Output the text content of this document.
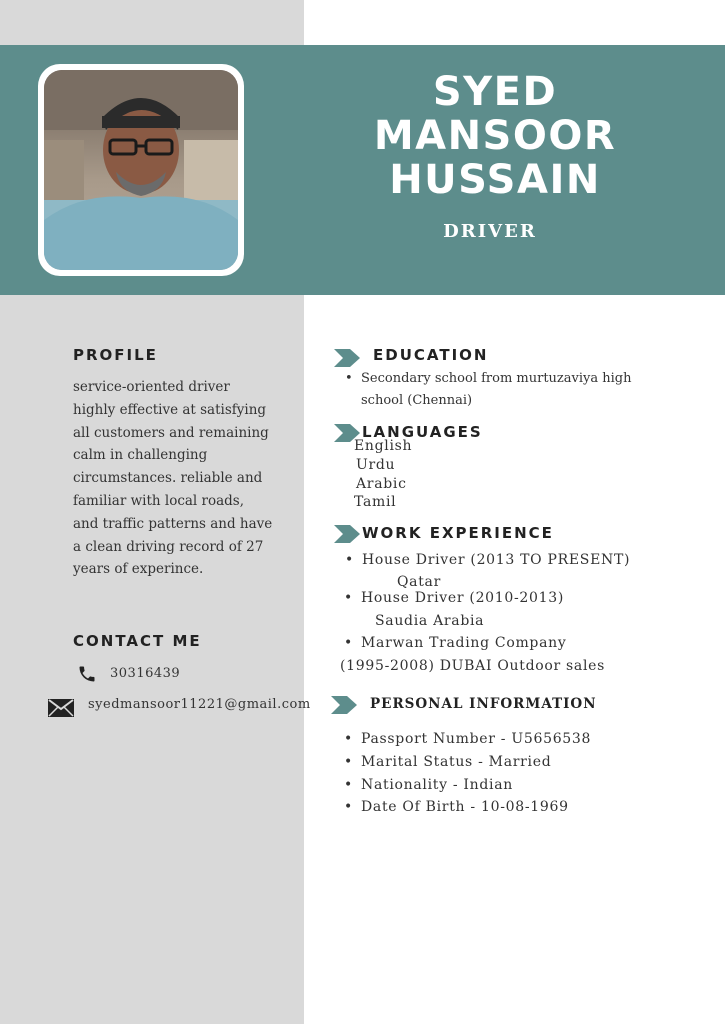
SYED
MANSOOR
HUSSAIN
DRIVER
PROFILE
service-oriented driver highly effective at satisfying all customers and remaining calm in challenging circumstances. reliable and familiar with local roads, and traffic patterns and have a clean driving record of 27 years of experince.
CONTACT ME
30316439
syedmansoor11221@gmail.com
EDUCATION
• Secondary school from murtuzaviya high school (Chennai)
LANGUAGES
English
Urdu
Arabic
Tamil
WORK EXPERIENCE
• House Driver (2013 TO PRESENT)
Qatar
• House Driver (2010-2013)
Saudia Arabia
• Marwan Trading Company
(1995-2008) DUBAI Outdoor sales
PERSONAL INFORMATION
• Passport Number - U5656538
• Marital Status - Married
• Nationality - Indian
• Date Of Birth - 10-08-1969
